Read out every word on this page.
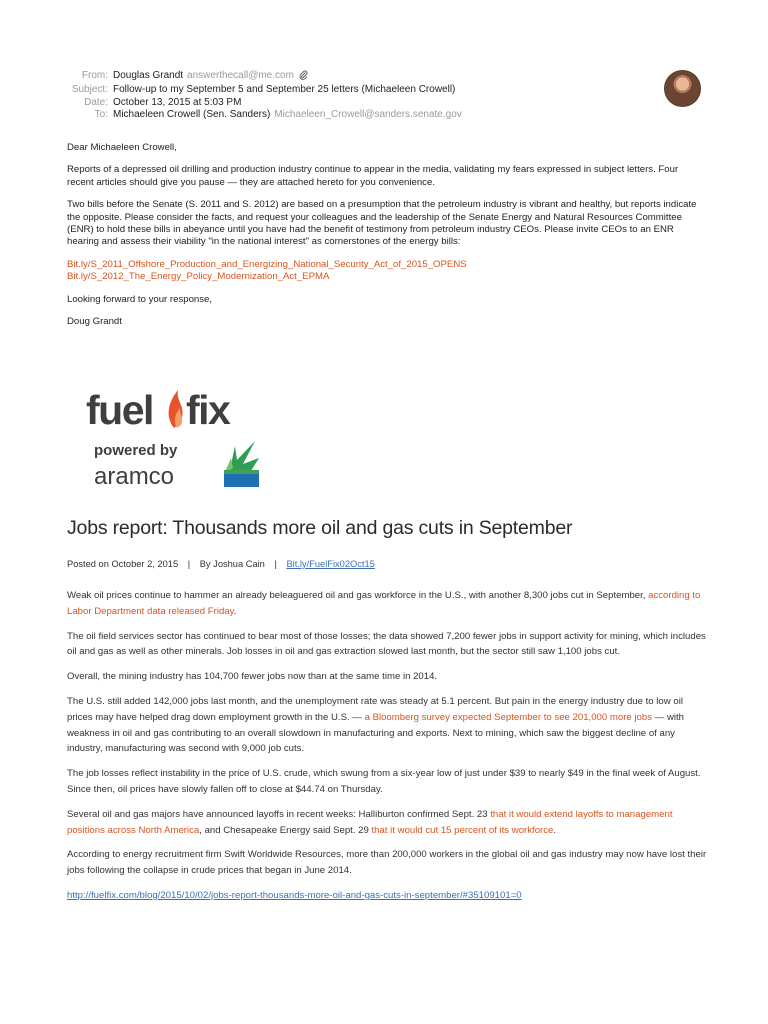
From: Douglas Grandt answerthecall@me.com
Subject: Follow-up to my September 5 and September 25 letters (Michaeleen Crowell)
Date: October 13, 2015 at 5:03 PM
To: Michaeleen Crowell (Sen. Sanders) Michaeleen_Crowell@sanders.senate.gov

Dear Michaeleen Crowell,

Reports of a depressed oil drilling and production industry continue to appear in the media, validating my fears expressed in subject letters. Four recent articles should give you pause — they are attached hereto for you convenience.

Two bills before the Senate (S. 2011 and S. 2012) are based on a presumption that the petroleum industry is vibrant and healthy, but reports indicate the opposite. Please consider the facts, and request your colleagues and the leadership of the Senate Energy and Natural Resources Committee (ENR) to hold these bills in abeyance until you have had the benefit of testimony from petroleum industry CEOs. Please invite CEOs to an ENR hearing and assess their viability "in the national interest" as cornerstones of the energy bills:

Bit.ly/S_2011_Offshore_Production_and_Energizing_National_Security_Act_of_2015_OPENS
Bit.ly/S_2012_The_Energy_Policy_Modernization_Act_EPMA

Looking forward to your response,

Doug Grandt

fuel fix
powered by
aramco
Jobs report: Thousands more oil and gas cuts in September
Posted on October 2, 2015 | By Joshua Cain | Bit.ly/FuelFix02Oct15

Weak oil prices continue to hammer an already beleaguered oil and gas workforce in the U.S., with another 8,300 jobs cut in September, according to Labor Department data released Friday.

The oil field services sector has continued to bear most of those losses; the data showed 7,200 fewer jobs in support activity for mining, which includes oil and gas as well as other minerals. Job losses in oil and gas extraction slowed last month, but the sector still saw 1,100 jobs cut.

Overall, the mining industry has 104,700 fewer jobs now than at the same time in 2014.

The U.S. still added 142,000 jobs last month, and the unemployment rate was steady at 5.1 percent. But pain in the energy industry due to low oil prices may have helped drag down employment growth in the U.S. — a Bloomberg survey expected September to see 201,000 more jobs — with weakness in oil and gas contributing to an overall slowdown in manufacturing and exports. Next to mining, which saw the biggest decline of any industry, manufacturing was second with 9,000 job cuts.

The job losses reflect instability in the price of U.S. crude, which swung from a six-year low of just under $39 to nearly $49 in the final week of August. Since then, oil prices have slowly fallen off to close at $44.74 on Thursday.

Several oil and gas majors have announced layoffs in recent weeks: Halliburton confirmed Sept. 23 that it would extend layoffs to management positions across North America, and Chesapeake Energy said Sept. 29 that it would cut 15 percent of its workforce.

According to energy recruitment firm Swift Worldwide Resources, more than 200,000 workers in the global oil and gas industry may now have lost their jobs following the collapse in crude prices that began in June 2014.

http://fuelfix.com/blog/2015/10/02/jobs-report-thousands-more-oil-and-gas-cuts-in-september/#35109101=0
